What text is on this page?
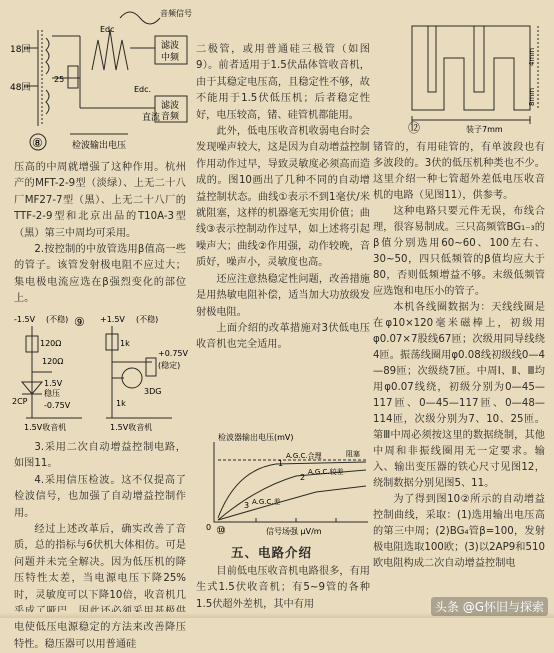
18回
48回
25
Edc
音频信号
滤波
中频
Edc.
直流
滤波
音频
检波输出电压
⑧

压高的中周就增强了这种作用。杭州产的MFT-2-9型（淡绿）、上无二十八厂MF27-7型（黑）、上无二十八厂的TTF-2-9型和北京出品的T10A-3型（黑）第三中周均可采用。

2.按控制的中放管选用β值高一些的管子。该管发射极电阻不应过大；集电极电流应选在β强烈变化的部位上。

-1.5V (不稳)
120Ω
⑨ +1.5V (不稳)
1k
+0.75V
(稳定)
3DG
1k
120Ω
2CP
1.5V
稳压
-0.75V
1.5V收音机	1.5V收音机

3.采用二次自动增益控制电路，如图11。

4.采用信压检波。这不仅提高了检波信号，也加强了自动增益控制作用。

经过上述改革后，确实改善了音质，总的指标与6伏机大体相仿。可是问题并未完全解决。因为低压机的降压特性太差，当电源电压下降25%时，灵敏度可以下降10倍，收音机几 电使低压电源稳定的方法来改善降压特性。稳压器可以用普通硅

二极管，或用普通硅三极管（如图9）。前者适用于1.5伏晶体管收音机，由于其稳定电压高，且稳定性不够，故不能用于1.5伏低压机；后者稳定性好，电压较高，锗、硅管机都能用。

此外，低电压收音机收弱电台时会发现噪声较大，这是因为自动增益控制作用动作过早，导致灵敏度必须高而造成的。图10画出了几种不同的自动增益控制状态。曲线①表示不到1毫伏/米就阻塞，这样的机器毫无实用价值；曲线③表示控制动作过早，如上述将引起噪声大；曲线②作用强，动作较晚，音质好，噪声小，灵敏度也高。

还应注意热稳定性问题，改善措施是用热敏电阻补偿，适当加大功放级发射极电阻。

上面介绍的改革措施对3伏低电压收音机也完全适用。

检波器输出电压(mV)
阻塞
1
A.G.C.合理
2
A.G.C.较差
3 A.G.C.差
0 ⑩	信号场强 μV/m
五、电路介绍

目前低电压收音机电路很多，有用生式1.5伏收音机；有5~9管的各种1.5伏超外差机，其中有用

4mm
8mm
⑫	装子7mm

锗管的，有用硅管的，有单波段也有多波段的。3伏的低压机种类也不少。这里介绍一种七管超外差低电压收音机的电路（见图11），供参考。

这种电路只要元件无误，布线合理，很容易制成。三只高频管BG₁₋₃的β值分别选用60~60、100左右、30~50，四只低频管的β值均应大于80，否则低频增益不够。末级低频管应选饱和电压小的管子。

本机各线圈数据为：天线线圈是在φ10×120毫米磁棒上，初级用φ0.07×7股线67匝；次级用同导线绕4匝。振荡线圈用φ0.08线初级线0—4—89匝；次级绕7匝。中周Ⅰ、Ⅱ、Ⅲ均用φ0.07线绕，初级分别为0—45—117匝、0—45—117匝、0—48—114匝，次级分别为7、10、25匝。第Ⅲ中周必须按这里的数据绕制，其他中周和非振线圈用无一定要求。输入、输出变压器的铁心尺寸见图12，绕制数据分别见图5、11。

为了得到图10②所示的自动增益控制曲线，采取：(1)选用输出电压高的第三中周；(2)BG₄管β=100，发射极电阻选取100欧；(3)以2AP9和510欧电阻构成二次自动增益控制电

头条 @G怀旧与探索
